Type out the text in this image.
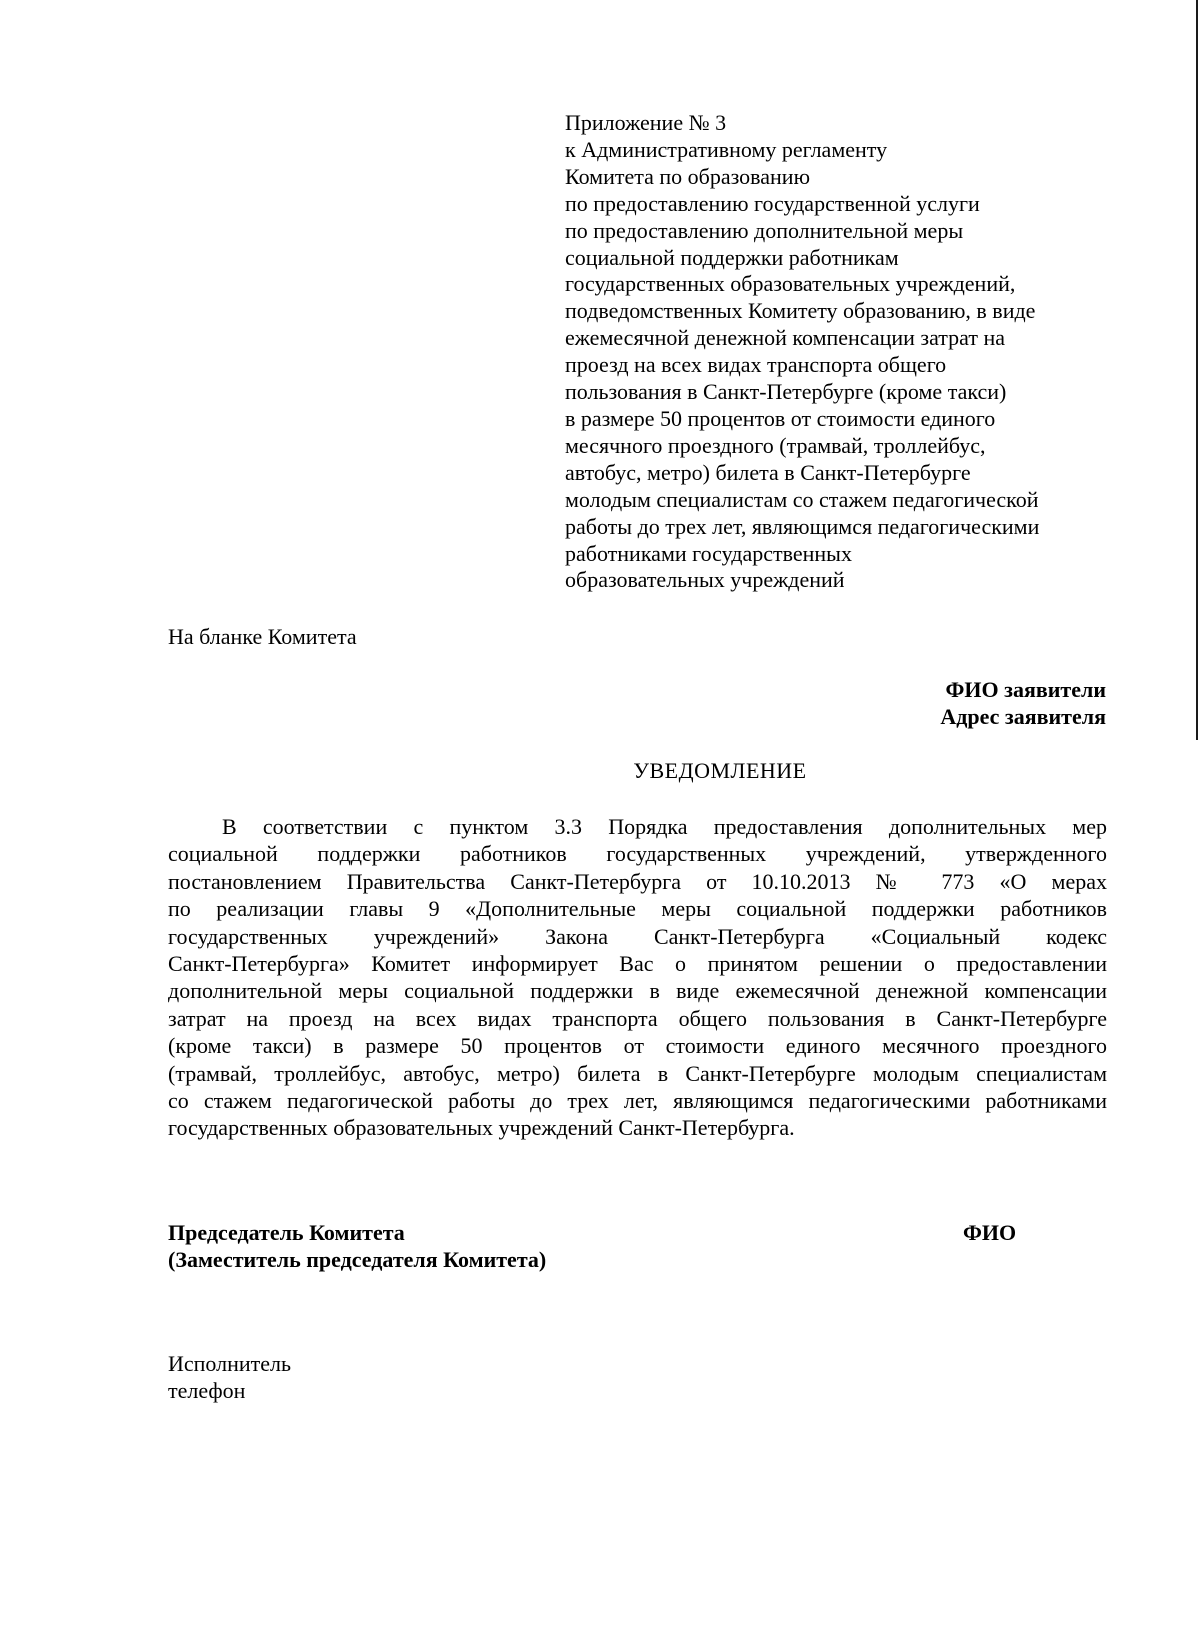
Приложение № 3
к Административному регламенту
Комитета по образованию
по предоставлению государственной услуги
по предоставлению дополнительной меры
социальной поддержки работникам
государственных образовательных учреждений,
подведомственных Комитету образованию, в виде
ежемесячной денежной компенсации затрат на
проезд на всех видах транспорта общего
пользования в Санкт-Петербурге (кроме такси)
в размере 50 процентов от стоимости единого
месячного проездного (трамвай, троллейбус,
автобус, метро) билета в Санкт-Петербурге
молодым специалистам со стажем педагогической
работы до трех лет, являющимся педагогическими
работниками государственных
образовательных учреждений
На бланке Комитета
ФИО заявители
Адрес заявителя
УВЕДОМЛЕНИЕ
В соответствии с пунктом 3.3 Порядка предоставления дополнительных мер
социальной поддержки работников государственных учреждений, утвержденного
постановлением Правительства Санкт-Петербурга от 10.10.2013 № 773 «О мерах
по реализации главы 9 «Дополнительные меры социальной поддержки работников
государственных учреждений» Закона Санкт-Петербурга «Социальный кодекс
Санкт-Петербурга» Комитет информирует Вас о принятом решении о предоставлении
дополнительной меры социальной поддержки в виде ежемесячной денежной компенсации
затрат на проезд на всех видах транспорта общего пользования в Санкт-Петербурге
(кроме такси) в размере 50 процентов от стоимости единого месячного проездного
(трамвай, троллейбус, автобус, метро) билета в Санкт-Петербурге молодым специалистам
со стажем педагогической работы до трех лет, являющимся педагогическими работниками
государственных образовательных учреждений Санкт-Петербурга.
Председатель Комитета
(Заместитель председателя Комитета)
ФИО
Исполнитель
телефон
